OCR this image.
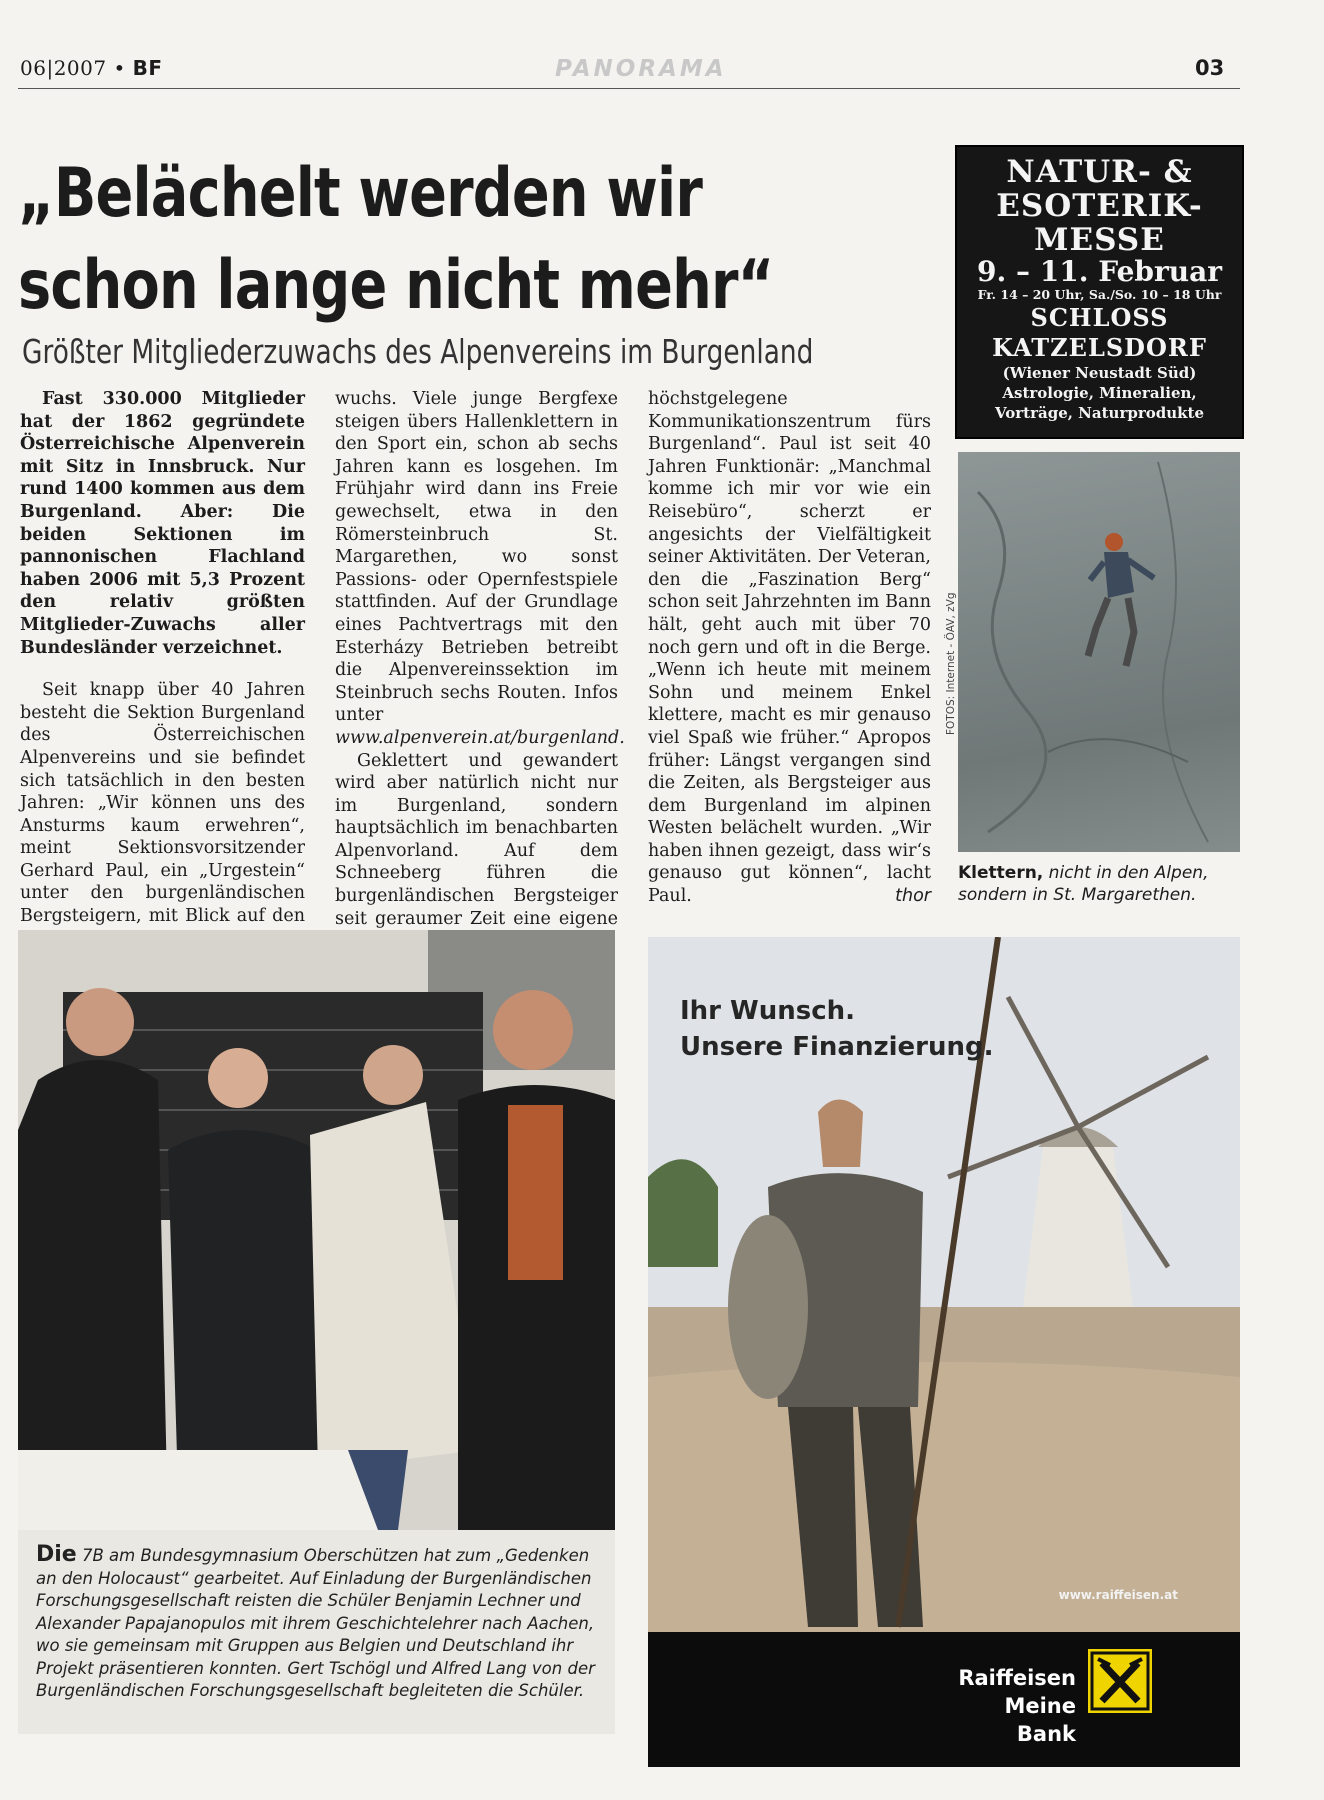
06|2007 • BF	PANORAMA	03
„Belächelt werden wir
schon lange nicht mehr“
Größter Mitgliederzuwachs des Alpenvereins im Burgenland

Fast 330.000 Mitglieder hat der 1862 gegründete Österreichische Alpenverein mit Sitz in Innsbruck. Nur rund 1400 kommen aus dem Burgenland. Aber: Die beiden Sektionen im pannonischen Flachland haben 2006 mit 5,3 Prozent den relativ größten Mitglieder-Zuwachs aller Bundesländer verzeichnet.

Seit knapp über 40 Jahren besteht die Sektion Burgenland des Österreichischen Alpenvereins und sie befindet sich tatsächlich in den besten Jahren: „Wir können uns des Ansturms kaum erwehren“, meint Sektionsvorsitzender Gerhard Paul, ein „Urgestein“ unter den burgenländischen Bergsteigern, mit Blick auf den

wuchs. Viele junge Bergfexe steigen übers Hallenklettern in den Sport ein, schon ab sechs Jahren kann es losgehen. Im Frühjahr wird dann ins Freie gewechselt, etwa in den Römersteinbruch St. Margarethen, wo sonst Passions- oder Opernfestspiele stattfinden. Auf der Grundlage eines Pachtvertrags mit den Esterházy Betrieben betreibt die Alpenvereinssektion im Steinbruch sechs Routen. Infos unter www.alpenverein.at/burgenland.

Geklettert und gewandert wird aber natürlich nicht nur im Burgenland, sondern hauptsächlich im benachbarten Alpenvorland. Auf dem Schneeberg führen die burgenländischen Bergsteiger seit geraumer Zeit eine eigene

höchstgelegene Kommunikationszentrum fürs Burgenland“. Paul ist seit 40 Jahren Funktionär: „Manchmal komme ich mir vor wie ein Reisebüro“, scherzt er angesichts der Vielfältigkeit seiner Aktivitäten. Der Veteran, den die „Faszination Berg“ schon seit Jahrzehnten im Bann hält, geht auch mit über 70 noch gern und oft in die Berge. „Wenn ich heute mit meinem Sohn und meinem Enkel klettere, macht es mir genauso viel Spaß wie früher.“ Apropos früher: Längst vergangen sind die Zeiten, als Bergsteiger aus dem Burgenland im alpinen Westen belächelt wurden. „Wir haben ihnen gezeigt, dass wir‘s genauso gut können“, lacht Paul.	thor

NATUR- &
ESOTERIK-
MESSE
9. – 11. Februar
Fr. 14 – 20 Uhr, Sa./So. 10 – 18 Uhr
SCHLOSS
KATZELSDORF
(Wiener Neustadt Süd)
Astrologie, Mineralien,
Vorträge, Naturprodukte
FOTOS: Internet - ÖAV, zVg
Klettern, nicht in den Alpen, sondern in St. Margarethen.
Die 7B am Bundesgymnasium Oberschützen hat zum „Gedenken an den Holocaust“ gearbeitet. Auf Einladung der Burgenländischen Forschungsgesellschaft reisten die Schüler Benjamin Lechner und Alexander Papajanopulos mit ihrem Geschichtelehrer nach Aachen, wo sie gemeinsam mit Gruppen aus Belgien und Deutschland ihr Projekt präsentieren konnten. Gert Tschögl und Alfred Lang von der Burgenländischen Forschungsgesellschaft begleiteten die Schüler.
Ihr Wunsch.
Unsere Finanzierung.
www.raiffeisen.at
Raiffeisen
Meine Bank
